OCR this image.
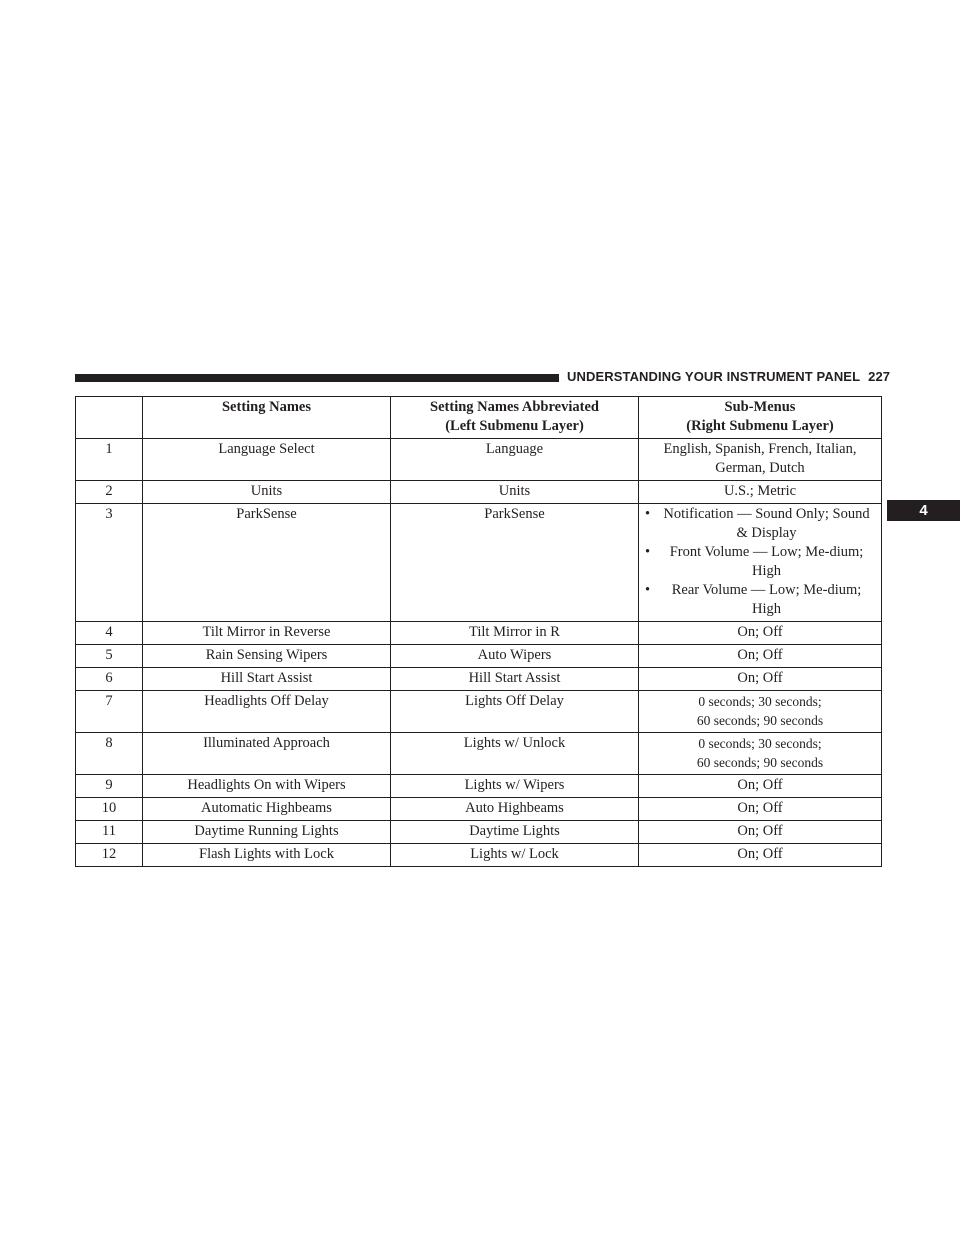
UNDERSTANDING YOUR INSTRUMENT PANEL 227
4
	Setting Names	Setting Names Abbreviated
(Left Submenu Layer)	Sub-Menus
(Right Submenu Layer)

1	Language Select	Language	English, Spanish, French, Italian,
German, Dutch

2	Units	Units	U.S.; Metric
3	ParkSense	ParkSense	• Notification — Sound Only; Sound & Display
• Front Volume — Low; Me-dium; High
• Rear Volume — Low; Me-dium; High

4	Tilt Mirror in Reverse	Tilt Mirror in R	On; Off
5	Rain Sensing Wipers	Auto Wipers	On; Off
6	Hill Start Assist	Hill Start Assist	On; Off
7	Headlights Off Delay	Lights Off Delay	0 seconds; 30 seconds;
60 seconds; 90 seconds

8	Illuminated Approach	Lights w/ Unlock	0 seconds; 30 seconds;
60 seconds; 90 seconds

9	Headlights On with Wipers	Lights w/ Wipers	On; Off
10	Automatic Highbeams	Auto Highbeams	On; Off
11	Daytime Running Lights	Daytime Lights	On; Off
12	Flash Lights with Lock	Lights w/ Lock	On; Off
